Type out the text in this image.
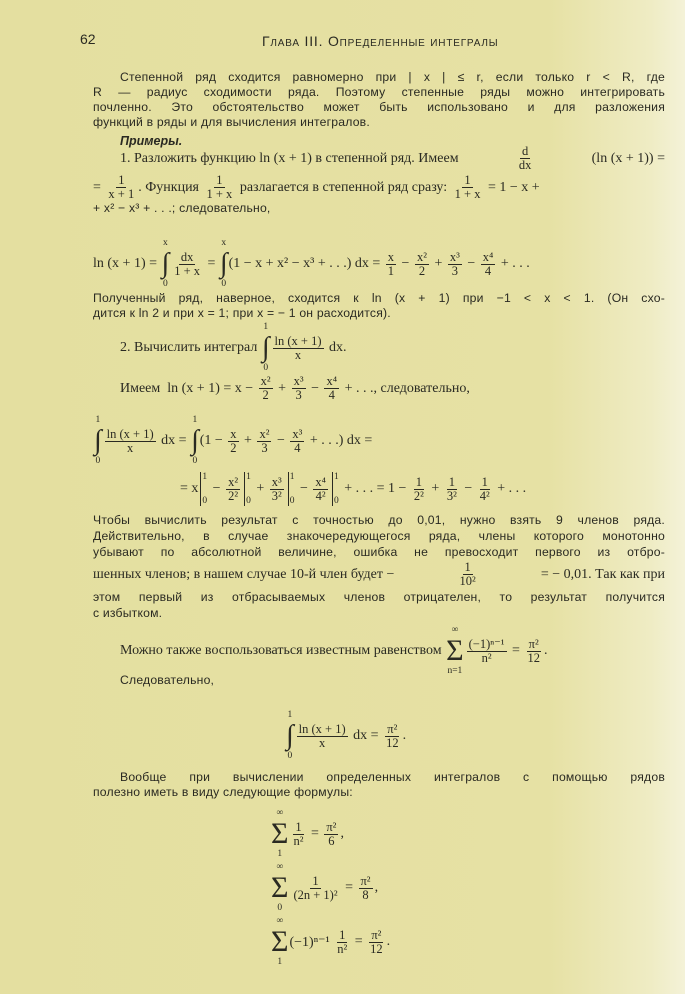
62	Глава III. Определенные интегралы
Степенной ряд сходится равномерно при | x | ≤ r, если только r < R, где
R — радиус сходимости ряда. Поэтому степенные ряды можно интегрировать
почленно. Это обстоятельство может быть использовано и для разложения
функций в ряды и для вычисления интегралов.
Примеры.
1. Разложить функцию ln (x + 1) в степенной ряд. Имеем	$\frac{d}{dx}$	(ln (x + 1)) =
= $\frac{1}{x + 1}$ . Функция $\frac{1}{1 + x}$ разлагается в степенной ряд сразу: $\frac{1}{1 + x} = 1 - x$ +
+ x² − x³ + . . .; следовательно,
ln (x + 1) =
x
∫
0
$\frac{dx}{1 + x}$ =
x
∫
0
(1 − x + x² − x³ + . . .) dx = $\frac{x}{1} - \frac{\text{x²}}{2} + \frac{\text{x³}}{3} - \frac{\text{x⁴}}{4}$ + . . .
Полученный ряд, наверное, сходится к ln (x + 1) при −1 < x < 1. (Он схо-
дится к ln 2 и при x = 1; при x = − 1 он расходится).
2. Вычислить интеграл
1
∫
0
$\frac{\ln (x + 1)}{x}$ dx.
Имеем  $\ln (x + 1) = x - \frac{\text{x²}}{2} + \frac{\text{x³}}{3} - \frac{\text{x⁴}}{4}$ + . . ., следовательно,
1
∫
0
$\frac{\ln (x + 1)}{x}$ dx =
1
∫
0
($1 - \frac{x}{2} + \frac{\text{x²}}{3} - \frac{\text{x³}}{4}$ + . . .) dx =
= x
1
0
− $\frac{\text{x²}}{\text{2²}} 1$
0
+ $\frac{\text{x³}}{\text{3²}} 1$
0
− $\frac{\text{x⁴}}{\text{4²}} 1$
0
+ . . . = $1 - \frac{1}{\text{2²}} + \frac{1}{\text{3²}} - \frac{1}{\text{4²}}$ + . . .
Чтобы вычислить результат с точностью до 0,01, нужно взять 9 членов ряда.
Действительно, в случае знакочередующегося ряда, члены которого монотонно
убывают по абсолютной величине, ошибка не превосходит первого из отбро-
шенных членов; в нашем случае 10-й член будет −	$\frac{1}{\text{10²}}$	= − 0,01. Так как при
этом первый из отбрасываемых членов отрицателен, то результат получится
с избытком.
Можно также воспользоваться известным равенством
∞
Σ
n=1
$\frac{\text{(−1)ⁿ⁻¹}}{\text{n²}} = \frac{\text{π²}}{12}$ .
Следовательно,
1
∫
0
$\frac{\ln (x + 1)}{x}$ dx = $\frac{\text{π²}}{12}$ .
Вообще при вычислении определенных интегралов с помощью рядов
полезно иметь в виду следующие формулы:
∞
Σ
1
$\frac{1}{\text{n²}} = \frac{\text{π²}}{6}$ ,
∞
Σ
0
$\frac{1}{\text{(2n + 1)²}} = \frac{\text{π²}}{8}$ ,
∞
Σ
1
$(-1)^{n-1} \frac{1}{\text{n²}} = \frac{\text{π²}}{12}$ .
